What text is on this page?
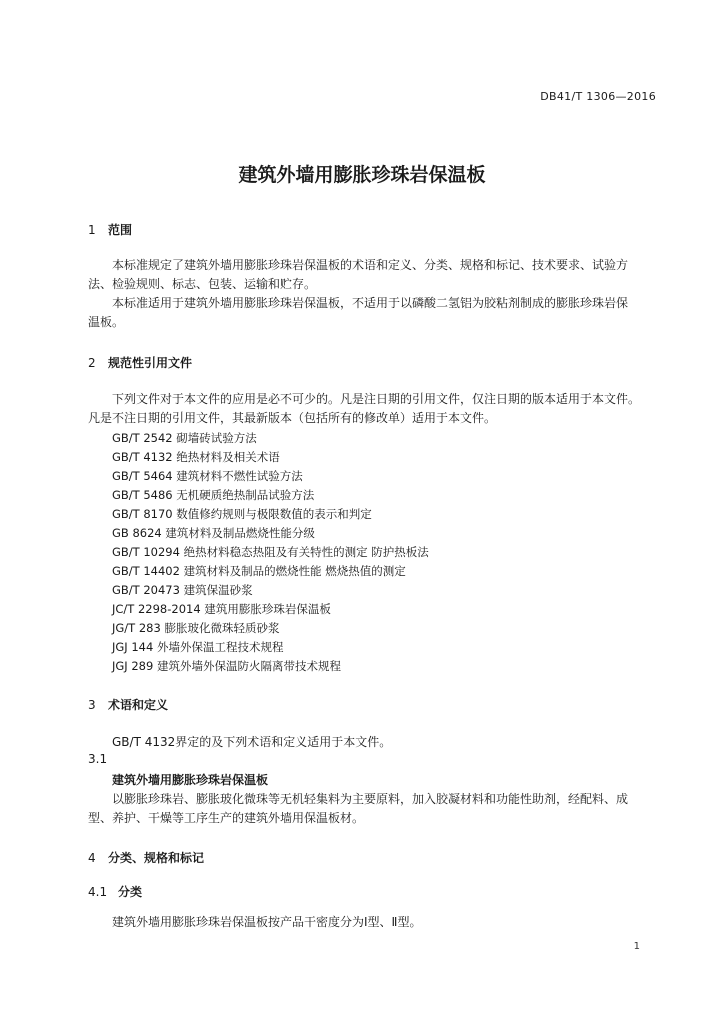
DB41/T 1306—2016
建筑外墙用膨胀珍珠岩保温板
1 范围
本标准规定了建筑外墙用膨胀珍珠岩保温板的术语和定义、分类、规格和标记、技术要求、试验方
法、检验规则、标志、包装、运输和贮存。
本标准适用于建筑外墙用膨胀珍珠岩保温板，不适用于以磷酸二氢铝为胶粘剂制成的膨胀珍珠岩保
温板。
2 规范性引用文件
下列文件对于本文件的应用是必不可少的。凡是注日期的引用文件，仅注日期的版本适用于本文件。
凡是不注日期的引用文件，其最新版本（包括所有的修改单）适用于本文件。
GB/T 2542 砌墙砖试验方法
GB/T 4132 绝热材料及相关术语
GB/T 5464 建筑材料不燃性试验方法
GB/T 5486 无机硬质绝热制品试验方法
GB/T 8170 数值修约规则与极限数值的表示和判定
GB 8624 建筑材料及制品燃烧性能分级
GB/T 10294 绝热材料稳态热阻及有关特性的测定 防护热板法
GB/T 14402 建筑材料及制品的燃烧性能 燃烧热值的测定
GB/T 20473 建筑保温砂浆
JC/T 2298-2014 建筑用膨胀珍珠岩保温板
JG/T 283 膨胀玻化微珠轻质砂浆
JGJ 144 外墙外保温工程技术规程
JGJ 289 建筑外墙外保温防火隔离带技术规程
3 术语和定义
GB/T 4132界定的及下列术语和定义适用于本文件。
3.1
建筑外墙用膨胀珍珠岩保温板
以膨胀珍珠岩、膨胀玻化微珠等无机轻集料为主要原料，加入胶凝材料和功能性助剂，经配料、成
型、养护、干燥等工序生产的建筑外墙用保温板材。
4 分类、规格和标记
4.1 分类
建筑外墙用膨胀珍珠岩保温板按产品干密度分为Ⅰ型、Ⅱ型。
1
